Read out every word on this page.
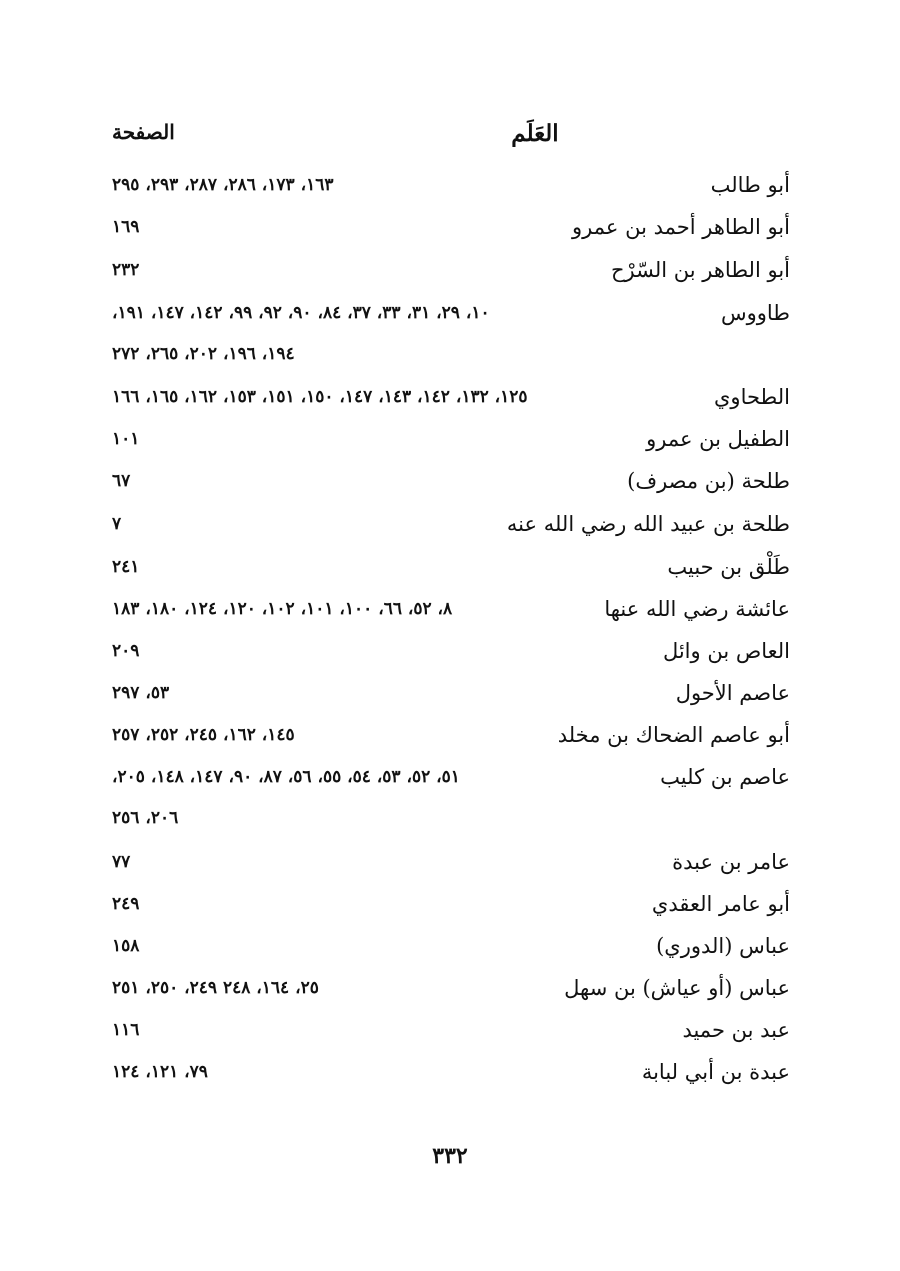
العَلَم
الصفحة
أبو طالب
١٦٣، ١٧٣، ٢٨٦، ٢٨٧، ٢٩٣، ٢٩٥
أبو الطاهر أحمد بن عمرو
١٦٩
أبو الطاهر بن السّرْح
٢٣٢
طاووس
١٠، ٢٩، ٣١، ٣٣، ٣٧، ٨٤، ٩٠، ٩٢، ٩٩، ١٤٢، ١٤٧، ١٩١،
١٩٤، ١٩٦، ٢٠٢، ٢٦٥، ٢٧٢
الطحاوي
١٢٥، ١٣٢، ١٤٢، ١٤٣، ١٤٧، ١٥٠، ١٥١، ١٥٣، ١٦٢، ١٦٥، ١٦٦
الطفيل بن عمرو
١٠١
طلحة (بن مصرف)
٦٧
طلحة بن عبيد الله رضي الله عنه
٧
طَلْق بن حبيب
٢٤١
عائشة رضي الله عنها
٨، ٥٢، ٦٦، ١٠٠، ١٠١، ١٠٢، ١٢٠، ١٢٤، ١٨٠، ١٨٣
العاص بن وائل
٢٠٩
عاصم الأحول
٥٣، ٢٩٧
أبو عاصم الضحاك بن مخلد
١٤٥، ١٦٢، ٢٤٥، ٢٥٢، ٢٥٧
عاصم بن كليب
٥١، ٥٢، ٥٣، ٥٤، ٥٥، ٥٦، ٨٧، ٩٠، ١٤٧، ١٤٨، ٢٠٥،
٢٠٦، ٢٥٦
عامر بن عبدة
٧٧
أبو عامر العقدي
٢٤٩
عباس (الدوري)
١٥٨
عباس (أو عياش) بن سهل
٢٥، ١٦٤، ٢٤٨ ٢٤٩، ٢٥٠، ٢٥١
عبد بن حميد
١١٦
عبدة بن أبي لبابة
٧٩، ١٢١، ١٢٤
٣٣٢
